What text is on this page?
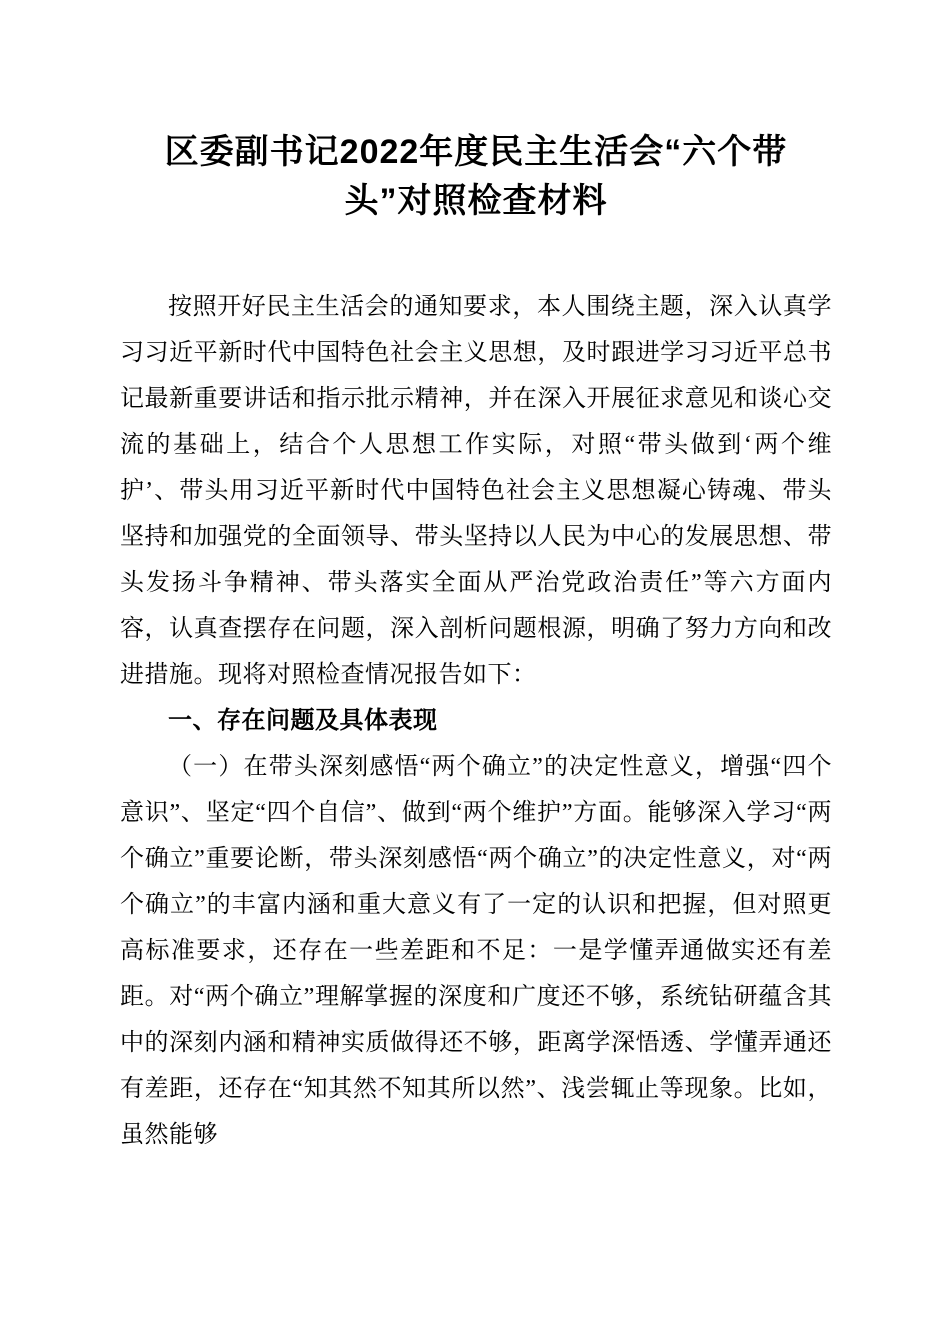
区委副书记2022年度民主生活会“六个带头”对照检查材料

按照开好民主生活会的通知要求，本人围绕主题，深入认真学习习近平新时代中国特色社会主义思想，及时跟进学习习近平总书记最新重要讲话和指示批示精神，并在深入开展征求意见和谈心交流的基础上，结合个人思想工作实际，对照“带头做到‘两个维护’、带头用习近平新时代中国特色社会主义思想凝心铸魂、带头坚持和加强党的全面领导、带头坚持以人民为中心的发展思想、带头发扬斗争精神、带头落实全面从严治党政治责任”等六方面内容，认真查摆存在问题，深入剖析问题根源，明确了努力方向和改进措施。现将对照检查情况报告如下：

一、存在问题及具体表现

（一）在带头深刻感悟“两个确立”的决定性意义，增强“四个意识”、坚定“四个自信”、做到“两个维护”方面。能够深入学习“两个确立”重要论断，带头深刻感悟“两个确立”的决定性意义，对“两个确立”的丰富内涵和重大意义有了一定的认识和把握，但对照更高标准要求，还存在一些差距和不足：一是学懂弄通做实还有差距。对“两个确立”理解掌握的深度和广度还不够，系统钻研蕴含其中的深刻内涵和精神实质做得还不够，距离学深悟透、学懂弄通还有差距，还存在“知其然不知其所以然”、浅尝辄止等现象。比如，虽然能够
